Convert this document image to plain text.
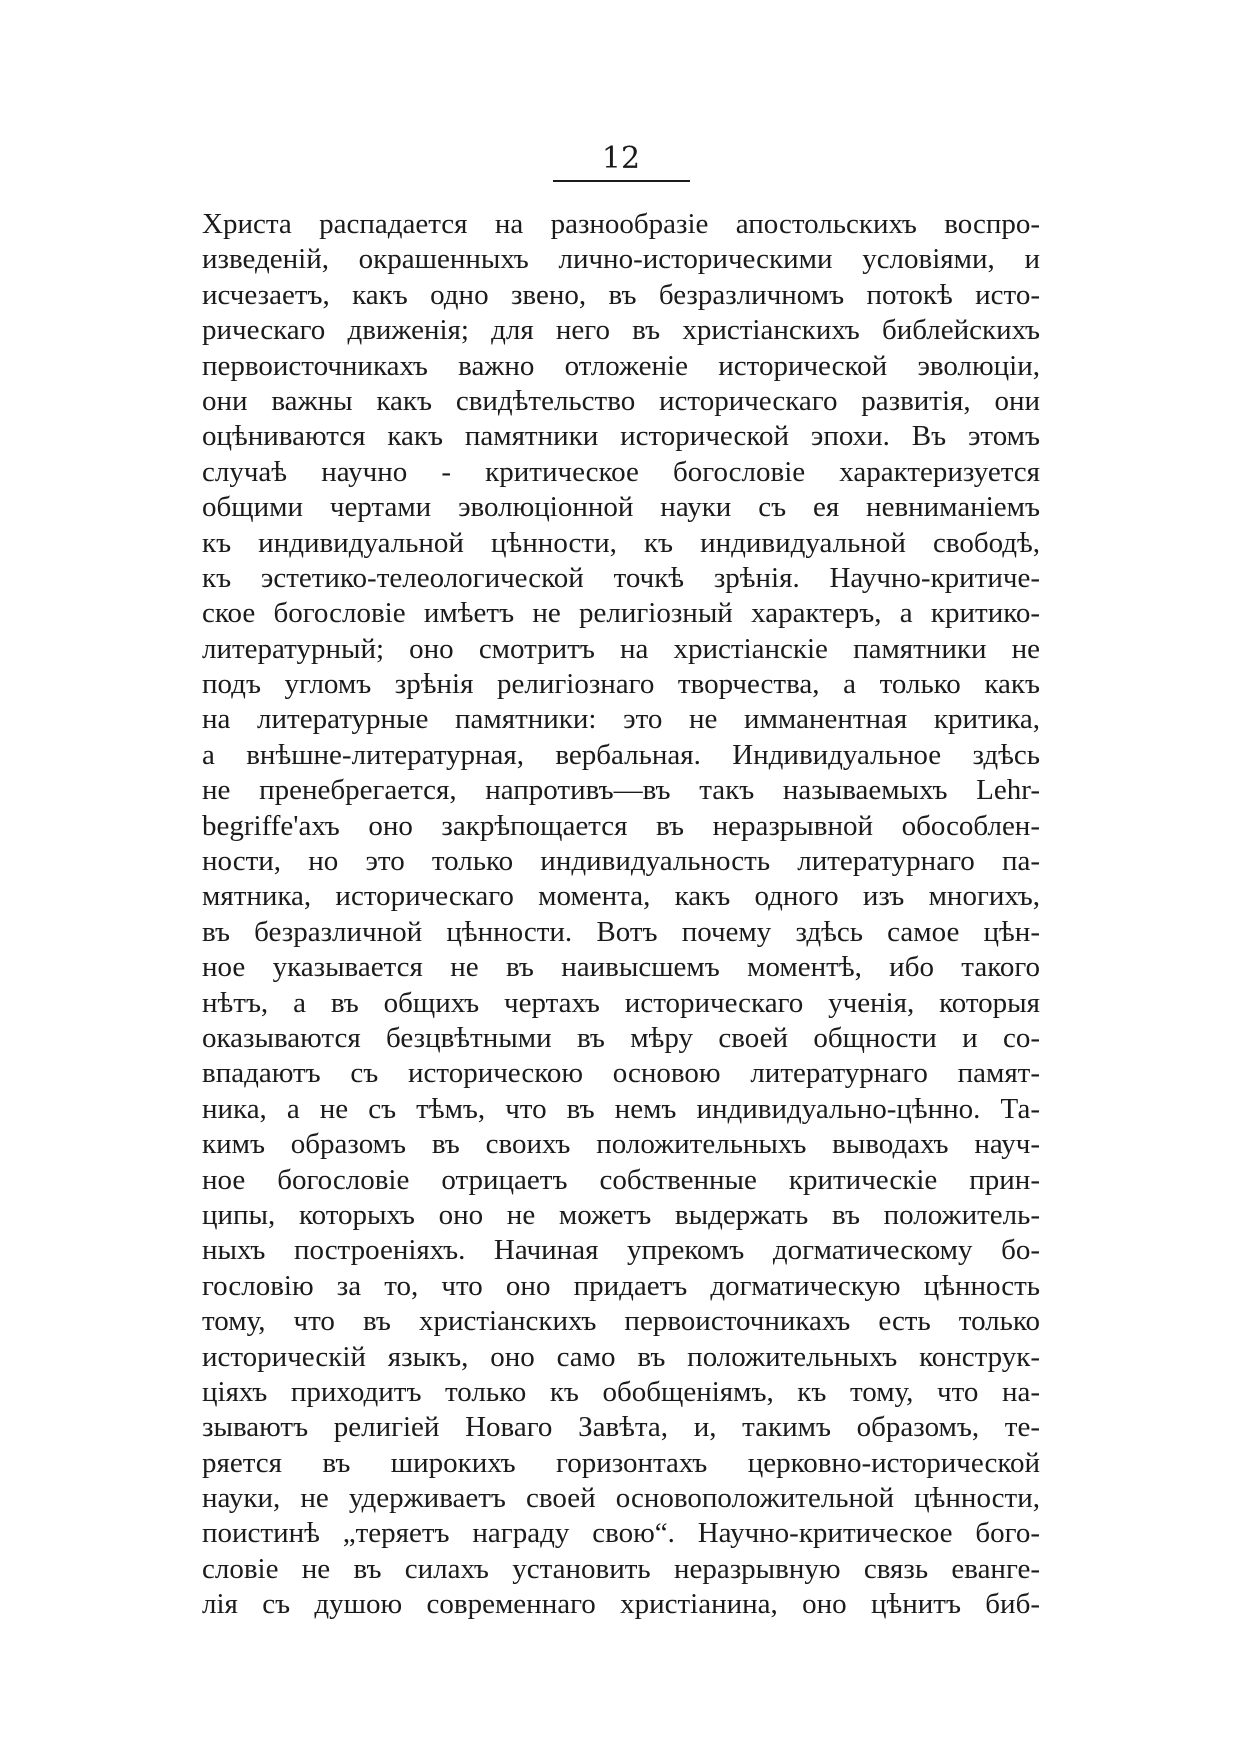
12
Христа распадается на разнообразіе апостольскихъ воспро-
изведеній, окрашенныхъ лично-историческими условіями, и
исчезаетъ, какъ одно звено, въ безразличномъ потокѣ исто-
рическаго движенія; для него въ христіанскихъ библейскихъ
первоисточникахъ важно отложеніе исторической эволюціи,
они важны какъ свидѣтельство историческаго развитія, они
оцѣниваются какъ памятники исторической эпохи. Въ этомъ
случаѣ научно - критическое богословіе характеризуется
общими чертами эволюціонной науки съ ея невниманіемъ
къ индивидуальной цѣнности, къ индивидуальной свободѣ,
къ эстетико-телеологической точкѣ зрѣнія. Научно-критиче-
ское богословіе имѣетъ не религіозный характеръ, а критико-
литературный; оно смотритъ на христіанскіе памятники не
подъ угломъ зрѣнія религіознаго творчества, а только какъ
на литературные памятники: это не имманентная критика,
а внѣшне-литературная, вербальная. Индивидуальное здѣсь
не пренебрегается, напротивъ—въ такъ называемыхъ Lehr-
begriffe'ахъ оно закрѣпощается въ неразрывной обособлен-
ности, но это только индивидуальность литературнаго па-
мятника, историческаго момента, какъ одного изъ многихъ,
въ безразличной цѣнности. Вотъ почему здѣсь самое цѣн-
ное указывается не въ наивысшемъ моментѣ, ибо такого
нѣтъ, а въ общихъ чертахъ историческаго ученія, которыя
оказываются безцвѣтными въ мѣру своей общности и со-
впадаютъ съ историческою основою литературнаго памят-
ника, а не съ тѣмъ, что въ немъ индивидуально-цѣнно. Та-
кимъ образомъ въ своихъ положительныхъ выводахъ науч-
ное богословіе отрицаетъ собственные критическіе прин-
ципы, которыхъ оно не можетъ выдержать въ положитель-
ныхъ построеніяхъ. Начиная упрекомъ догматическому бо-
гословію за то, что оно придаетъ догматическую цѣнность
тому, что въ христіанскихъ первоисточникахъ есть только
историческій языкъ, оно само въ положительныхъ конструк-
ціяхъ приходитъ только къ обобщеніямъ, къ тому, что на-
зываютъ религіей Новаго Завѣта, и, такимъ образомъ, те-
ряется въ широкихъ горизонтахъ церковно-исторической
науки, не удерживаетъ своей основоположительной цѣнности,
поистинѣ „теряетъ награду свою“. Научно-критическое бого-
словіе не въ силахъ установить неразрывную связь еванге-
лія съ душою современнаго христіанина, оно цѣнитъ биб-
